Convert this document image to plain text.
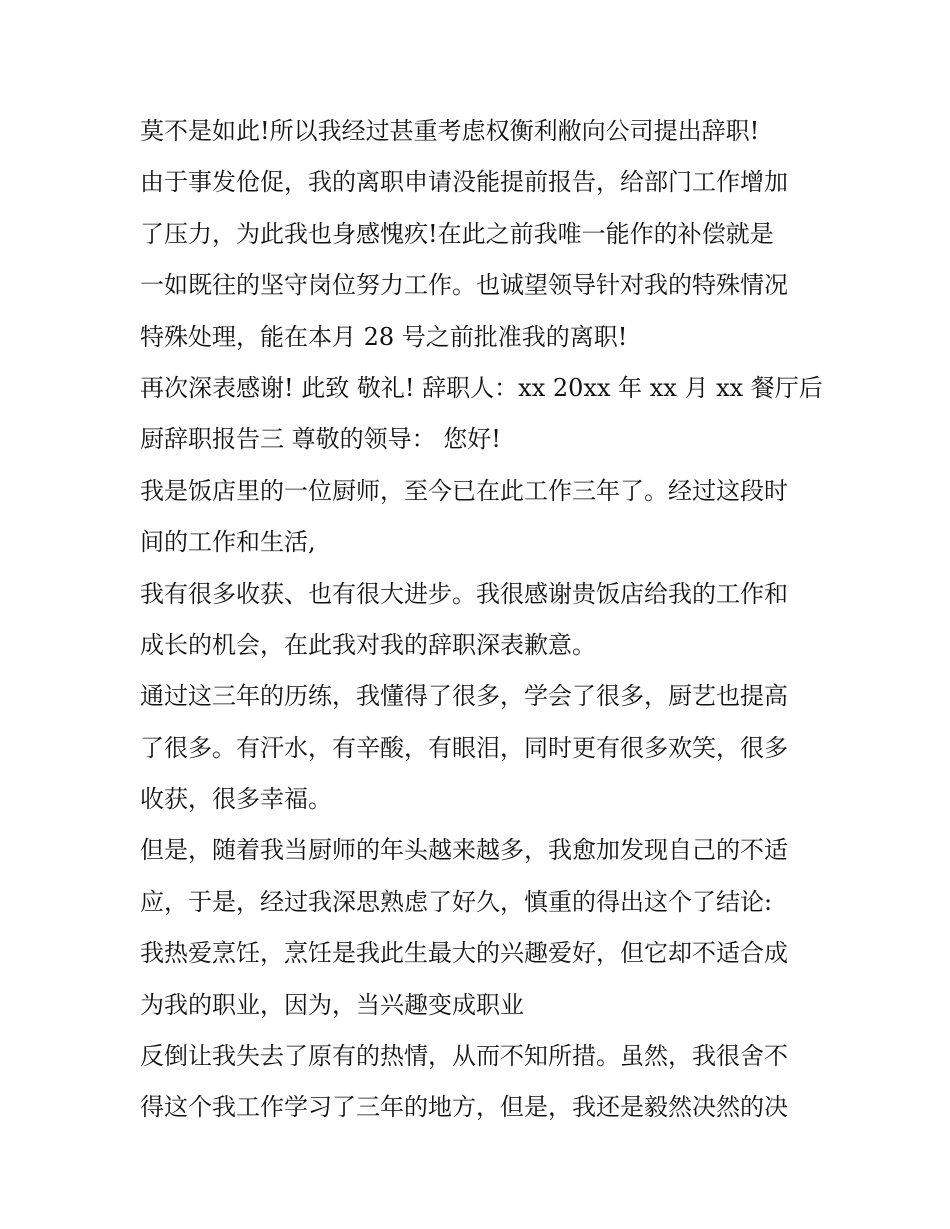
莫不是如此!所以我经过甚重考虑权衡利敝向公司提出辞职!
由于事发伧促，我的离职申请没能提前报告，给部门工作增加
了压力，为此我也身感愧疚!在此之前我唯一能作的补偿就是
一如既往的坚守岗位努力工作。也诚望领导针对我的特殊情况
特殊处理，能在本月 28 号之前批准我的离职!
再次深表感谢! 此致 敬礼! 辞职人：xx 20xx 年 xx 月 xx 餐厅后
厨辞职报告三 尊敬的领导： 您好!
我是饭店里的一位厨师，至今已在此工作三年了。经过这段时
间的工作和生活,
我有很多收获、也有很大进步。我很感谢贵饭店给我的工作和
成长的机会，在此我对我的辞职深表歉意。
通过这三年的历练，我懂得了很多，学会了很多，厨艺也提高
了很多。有汗水，有辛酸，有眼泪，同时更有很多欢笑，很多
收获，很多幸福。
但是，随着我当厨师的年头越来越多，我愈加发现自己的不适
应，于是，经过我深思熟虑了好久，慎重的得出这个了结论:
我热爱烹饪，烹饪是我此生最大的兴趣爱好，但它却不适合成
为我的职业，因为，当兴趣变成职业
反倒让我失去了原有的热情，从而不知所措。虽然，我很舍不
得这个我工作学习了三年的地方，但是，我还是毅然决然的决
